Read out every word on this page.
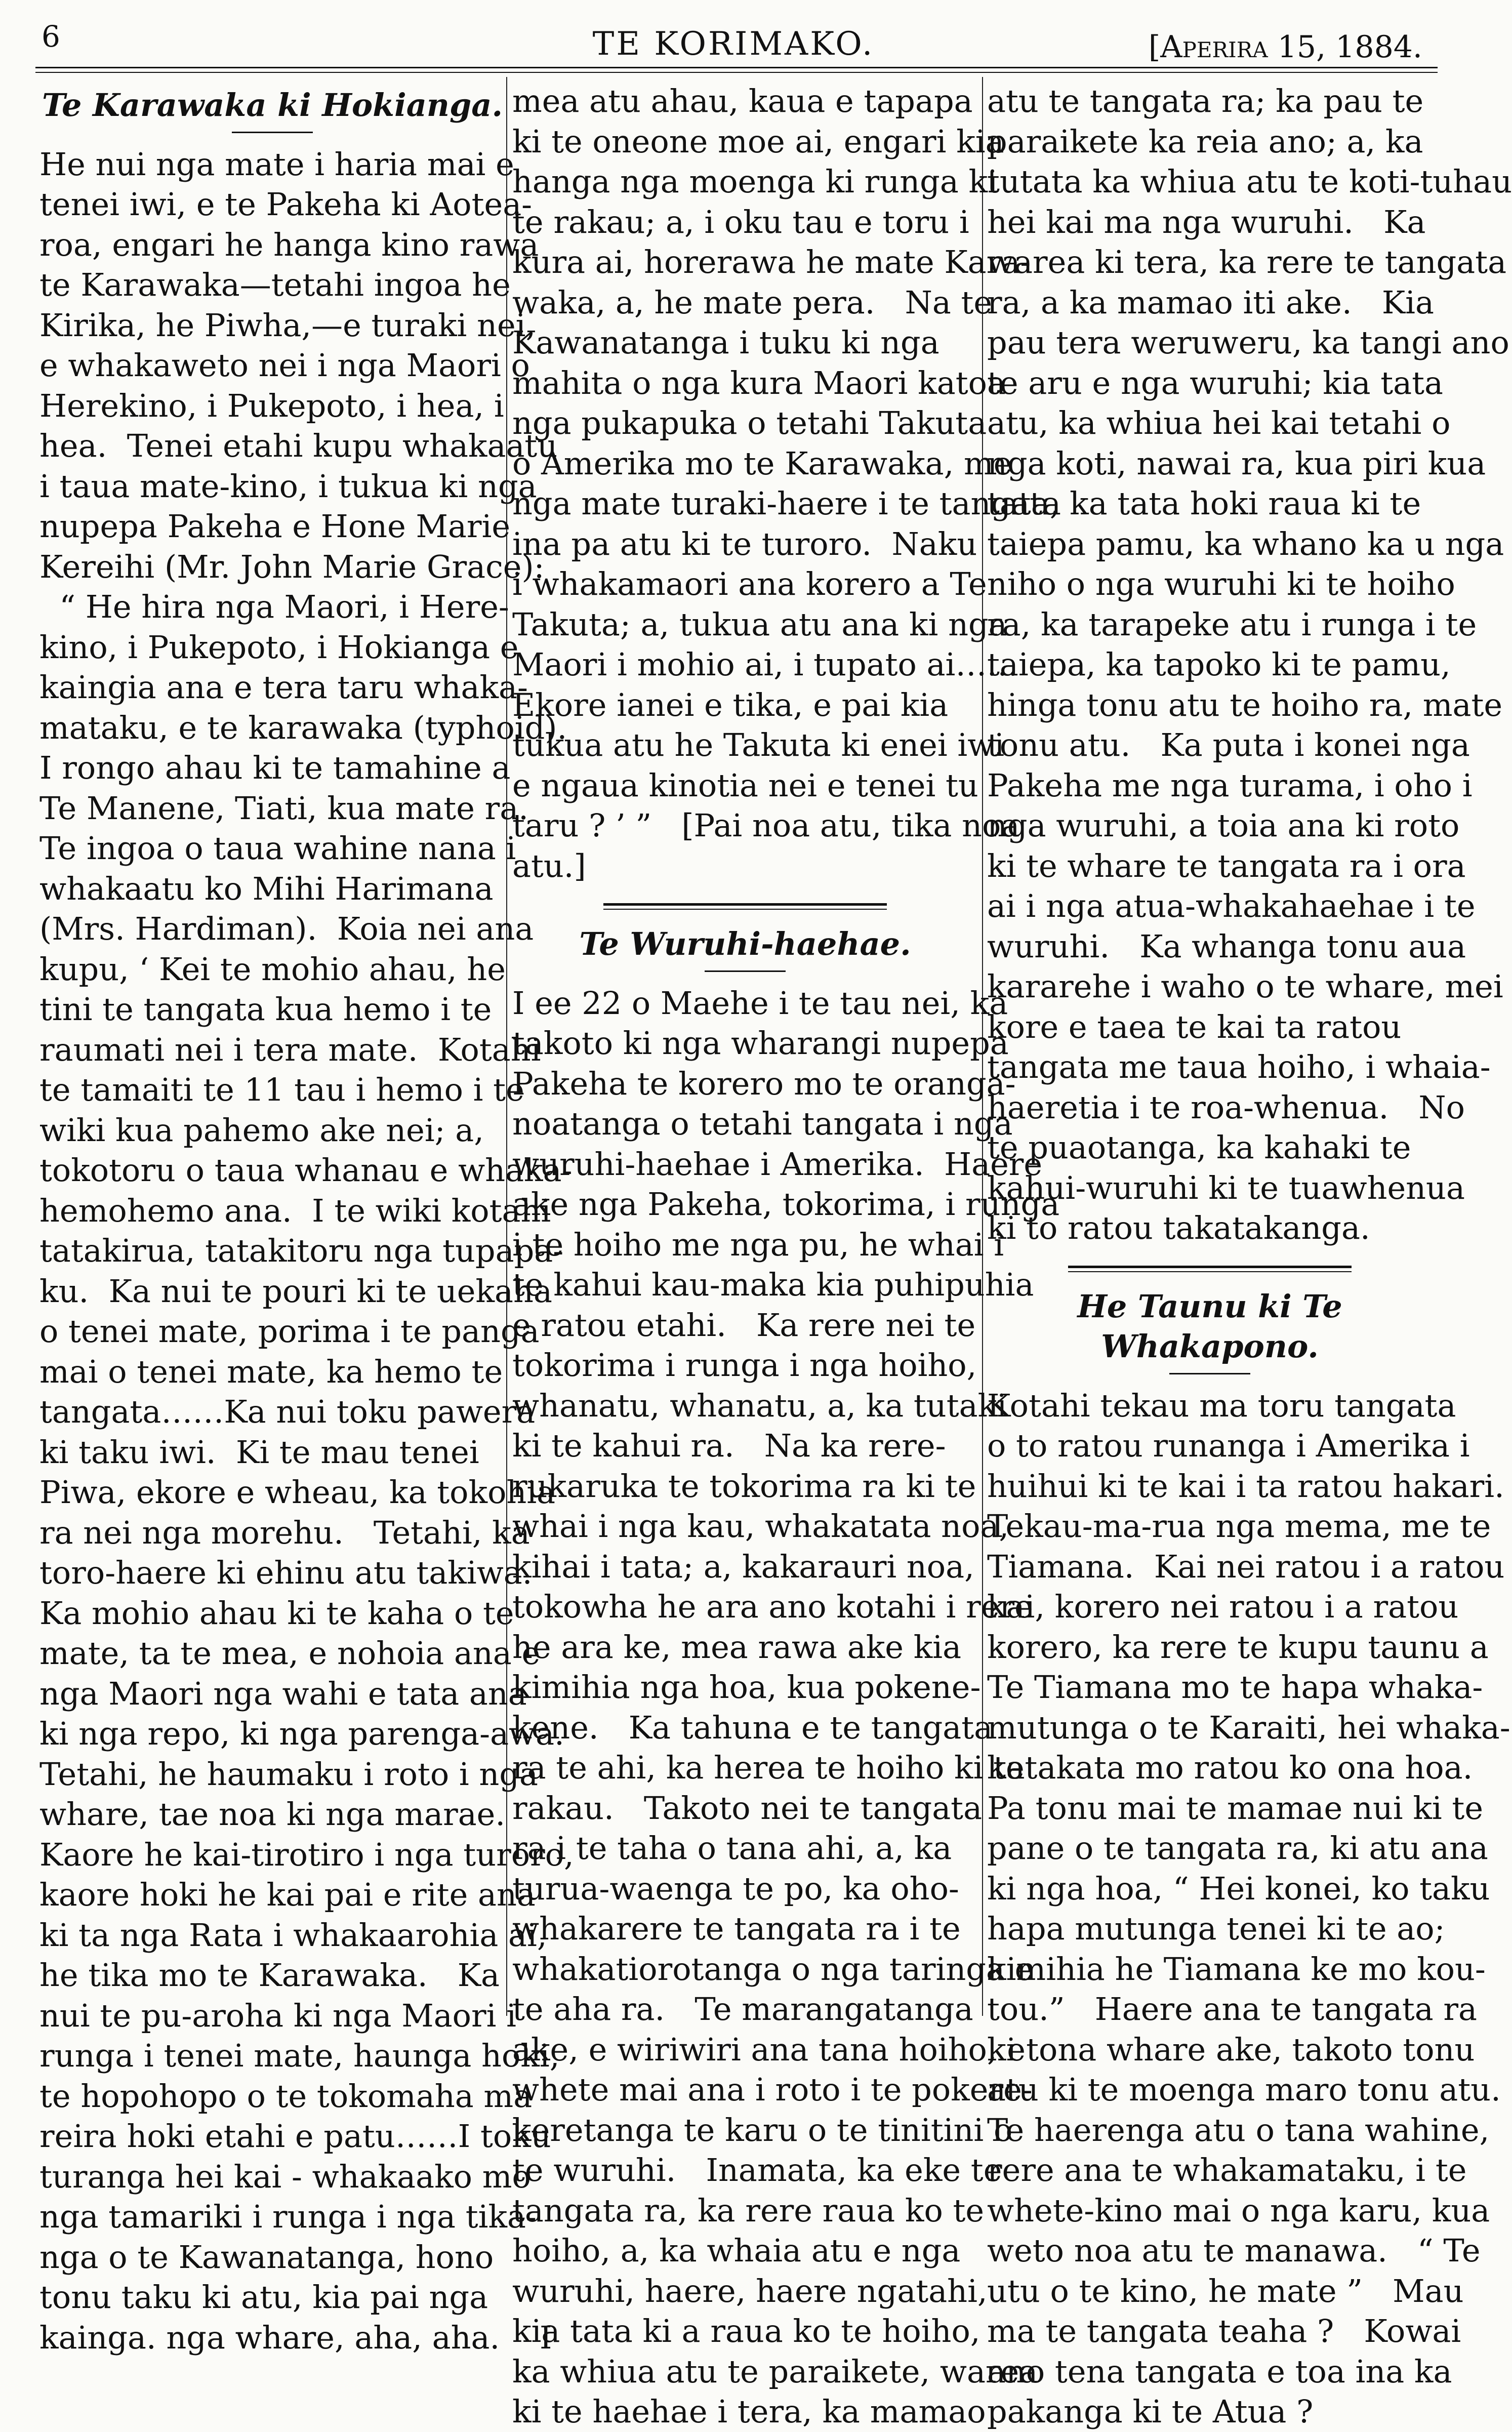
6	TE KORIMAKO.	[Aperira 15, 1884.
Te Karawaka ki Hokianga.
He nui nga mate i haria mai e
tenei iwi, e te Pakeha ki Aotea-
roa, engari he hanga kino rawa
te Karawaka—tetahi ingoa he
Kirika, he Piwha,—e turaki nei,
e whakaweto nei i nga Maori o
Herekino, i Pukepoto, i hea, i
hea.  Tenei etahi kupu whakaatu
i taua mate-kino, i tukua ki nga
nupepa Pakeha e Hone Marie
Kereihi (Mr. John Marie Grace):
“ He hira nga Maori, i Here-
kino, i Pukepoto, i Hokianga e
kaingia ana e tera taru whaka-
mataku, e te karawaka (typhoid).
I rongo ahau ki te tamahine a
Te Manene, Tiati, kua mate ra.
Te ingoa o taua wahine nana i
whakaatu ko Mihi Harimana
(Mrs. Hardiman).  Koia nei ana
kupu, ‘ Kei te mohio ahau, he
tini te tangata kua hemo i te
raumati nei i tera mate.  Kotahi
te tamaiti te 11 tau i hemo i te
wiki kua pahemo ake nei; a,
tokotoru o taua whanau e whaka-
hemohemo ana.  I te wiki kotahi
tatakirua, tatakitoru nga tupapa-
ku.  Ka nui te pouri ki te uekaha
o tenei mate, porima i te panga
mai o tenei mate, ka hemo te
tangata……Ka nui toku pawera
ki taku iwi.  Ki te mau tenei
Piwa, ekore e wheau, ka tokohia
ra nei nga morehu.   Tetahi, ka
toro-haere ki ehinu atu takiwa.
Ka mohio ahau ki te kaha o te
mate, ta te mea, e nohoia ana e
nga Maori nga wahi e tata ana
ki nga repo, ki nga parenga-awa.
Tetahi, he haumaku i roto i nga
whare, tae noa ki nga marae.
Kaore he kai-tirotiro i nga turoro,
kaore hoki he kai pai e rite ana
ki ta nga Rata i whakaarohia ai,
he tika mo te Karawaka.   Ka
nui te pu-aroha ki nga Maori i
runga i tenei mate, haunga hoki,
te hopohopo o te tokomaha ma
reira hoki etahi e patu……I toku
turanga hei kai - whakaako mo
nga tamariki i runga i nga tika-
nga o te Kawanatanga, hono
tonu taku ki atu, kia pai nga
kainga. nga whare, aha, aha.    I
mea atu ahau, kaua e tapapa
ki te oneone moe ai, engari kia
hanga nga moenga ki runga ki
te rakau; a, i oku tau e toru i
kura ai, horerawa he mate Kara-
waka, a, he mate pera.   Na te
Kawanatanga i tuku ki nga
mahita o nga kura Maori katoa
nga pukapuka o tetahi Takuta
o Amerika mo te Karawaka, me
nga mate turaki-haere i te tangata
ina pa atu ki te turoro.  Naku
i whakamaori ana korero a Te
Takuta; a, tukua atu ana ki nga
Maori i mohio ai, i tupato ai……
Ekore ianei e tika, e pai kia
tukua atu he Takuta ki enei iwi
e ngaua kinotia nei e tenei tu
taru ? ’ ”   [Pai noa atu, tika noa
atu.]
Te Wuruhi-haehae.
I ee 22 o Maehe i te tau nei, ka
takoto ki nga wharangi nupepa
Pakeha te korero mo te oranga-
noatanga o tetahi tangata i nga
wuruhi-haehae i Amerika.  Haere
ake nga Pakeha, tokorima, i runga
i te hoiho me nga pu, he whai i
te kahui kau-maka kia puhipuhia
e ratou etahi.   Ka rere nei te
tokorima i runga i nga hoiho,
whanatu, whanatu, a, ka tutaki
ki te kahui ra.   Na ka rere-
rukaruka te tokorima ra ki te
whai i nga kau, whakatata noa,
kihai i tata; a, kakarauri noa,
tokowha he ara ano kotahi i rere
he ara ke, mea rawa ake kia
kimihia nga hoa, kua pokene-
kene.   Ka tahuna e te tangata
ra te ahi, ka herea te hoiho ki te
rakau.   Takoto nei te tangata
ra i te taha o tana ahi, a, ka
turua-waenga te po, ka oho-
whakarere te tangata ra i te
whakatiorotanga o nga taringa e
te aha ra.   Te marangatanga
ake, e wiriwiri ana tana hoiho, e
whete mai ana i roto i te pokere-
keretanga te karu o te tinitini o
te wuruhi.   Inamata, ka eke te
tangata ra, ka rere raua ko te
hoiho, a, ka whaia atu e nga
wuruhi, haere, haere ngatahi,
kia tata ki a raua ko te hoiho,
ka whiua atu te paraikete, warea
ki te haehae i tera, ka mamao
atu te tangata ra; ka pau te
paraikete ka reia ano; a, ka
tutata ka whiua atu te koti-tuhau
hei kai ma nga wuruhi.   Ka
warea ki tera, ka rere te tangata
ra, a ka mamao iti ake.   Kia
pau tera weruweru, ka tangi ano
te aru e nga wuruhi; kia tata
atu, ka whiua hei kai tetahi o
nga koti, nawai ra, kua piri kua
tata, ka tata hoki raua ki te
taiepa pamu, ka whano ka u nga
niho o nga wuruhi ki te hoiho
ra, ka tarapeke atu i runga i te
taiepa, ka tapoko ki te pamu,
hinga tonu atu te hoiho ra, mate
tonu atu.   Ka puta i konei nga
Pakeha me nga turama, i oho i
nga wuruhi, a toia ana ki roto
ki te whare te tangata ra i ora
ai i nga atua-whakahaehae i te
wuruhi.   Ka whanga tonu aua
kararehe i waho o te whare, mei
kore e taea te kai ta ratou
tangata me taua hoiho, i whaia-
haeretia i te roa-whenua.   No
te puaotanga, ka kahaki te
kahui-wuruhi ki te tuawhenua
ki to ratou takatakanga.
He Taunu ki Te Whakapono.
Kotahi tekau ma toru tangata
o to ratou runanga i Amerika i
huihui ki te kai i ta ratou hakari.
Tekau-ma-rua nga mema, me te
Tiamana.  Kai nei ratou i a ratou
kai, korero nei ratou i a ratou
korero, ka rere te kupu taunu a
Te Tiamana mo te hapa whaka-
mutunga o te Karaiti, hei whaka-
katakata mo ratou ko ona hoa.
Pa tonu mai te mamae nui ki te
pane o te tangata ra, ki atu ana
ki nga hoa, “ Hei konei, ko taku
hapa mutunga tenei ki te ao;
kimihia he Tiamana ke mo kou-
tou.”   Haere ana te tangata ra
ki tona whare ake, takoto tonu
atu ki te moenga maro tonu atu.
Te haerenga atu o tana wahine,
rere ana te whakamataku, i te
whete-kino mai o nga karu, kua
weto noa atu te manawa.   “ Te
utu o te kino, he mate ”   Mau
ma te tangata teaha ?   Kowai
ano tena tangata e toa ina ka
pakanga ki te Atua ?
